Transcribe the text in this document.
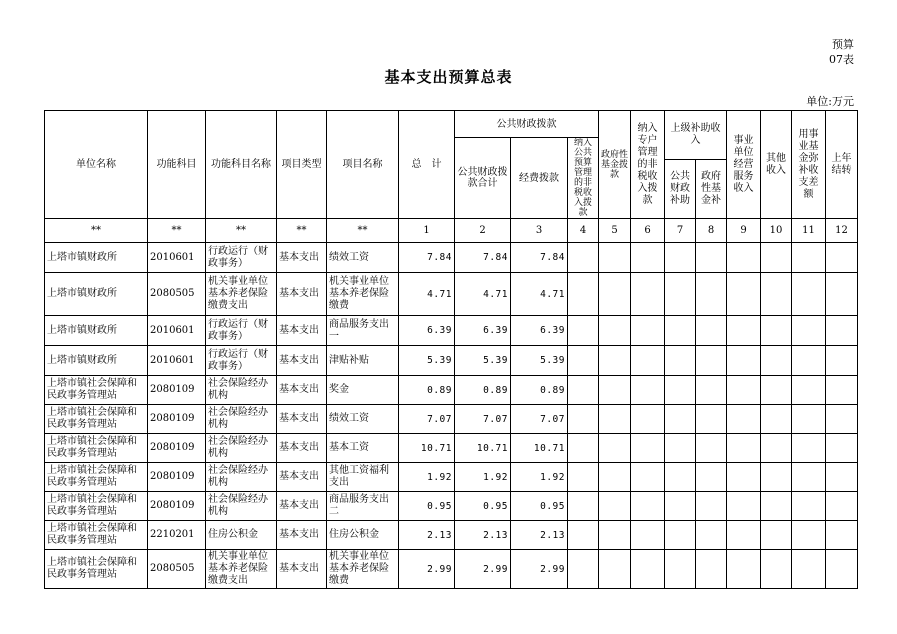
预算
07表
基本支出预算总表
单位:万元
单位名称	功能科目	功能科目名称	项目类型	项目名称	总　计	公共财政拨款			政府性基金拨款	纳入专户管理的非税收入拨款	上级补助收入		事业单位经营服务收入	其他收入	用事业基金弥补收支差额	上年结转
						公共财政拨款合计	经费拨款	纳入公共预算管理的非税收入拨款								
											公共财政补助	政府性基金补				
**	**	**	**	**	1	2	3	4	5	6	7	8	9	10	11	12
上塔市镇财政所	2010601	行政运行（财政事务）	基本支出	绩效工资	7.84	7.84	7.84									
上塔市镇财政所	2080505	机关事业单位基本养老保险缴费支出	基本支出	机关事业单位基本养老保险缴费	4.71	4.71	4.71									
上塔市镇财政所	2010601	行政运行（财政事务）	基本支出	商品服务支出一	6.39	6.39	6.39									
上塔市镇财政所	2010601	行政运行（财政事务）	基本支出	津贴补贴	5.39	5.39	5.39									
上塔市镇社会保障和民政事务管理站	2080109	社会保险经办机构	基本支出	奖金	0.89	0.89	0.89									
上塔市镇社会保障和民政事务管理站	2080109	社会保险经办机构	基本支出	绩效工资	7.07	7.07	7.07									
上塔市镇社会保障和民政事务管理站	2080109	社会保险经办机构	基本支出	基本工资	10.71	10.71	10.71									
上塔市镇社会保障和民政事务管理站	2080109	社会保险经办机构	基本支出	其他工资福利支出	1.92	1.92	1.92									
上塔市镇社会保障和民政事务管理站	2080109	社会保险经办机构	基本支出	商品服务支出二	0.95	0.95	0.95									
上塔市镇社会保障和民政事务管理站	2210201	住房公积金	基本支出	住房公积金	2.13	2.13	2.13									
上塔市镇社会保障和民政事务管理站	2080505	机关事业单位基本养老保险缴费支出	基本支出	机关事业单位基本养老保险缴费	2.99	2.99	2.99									
